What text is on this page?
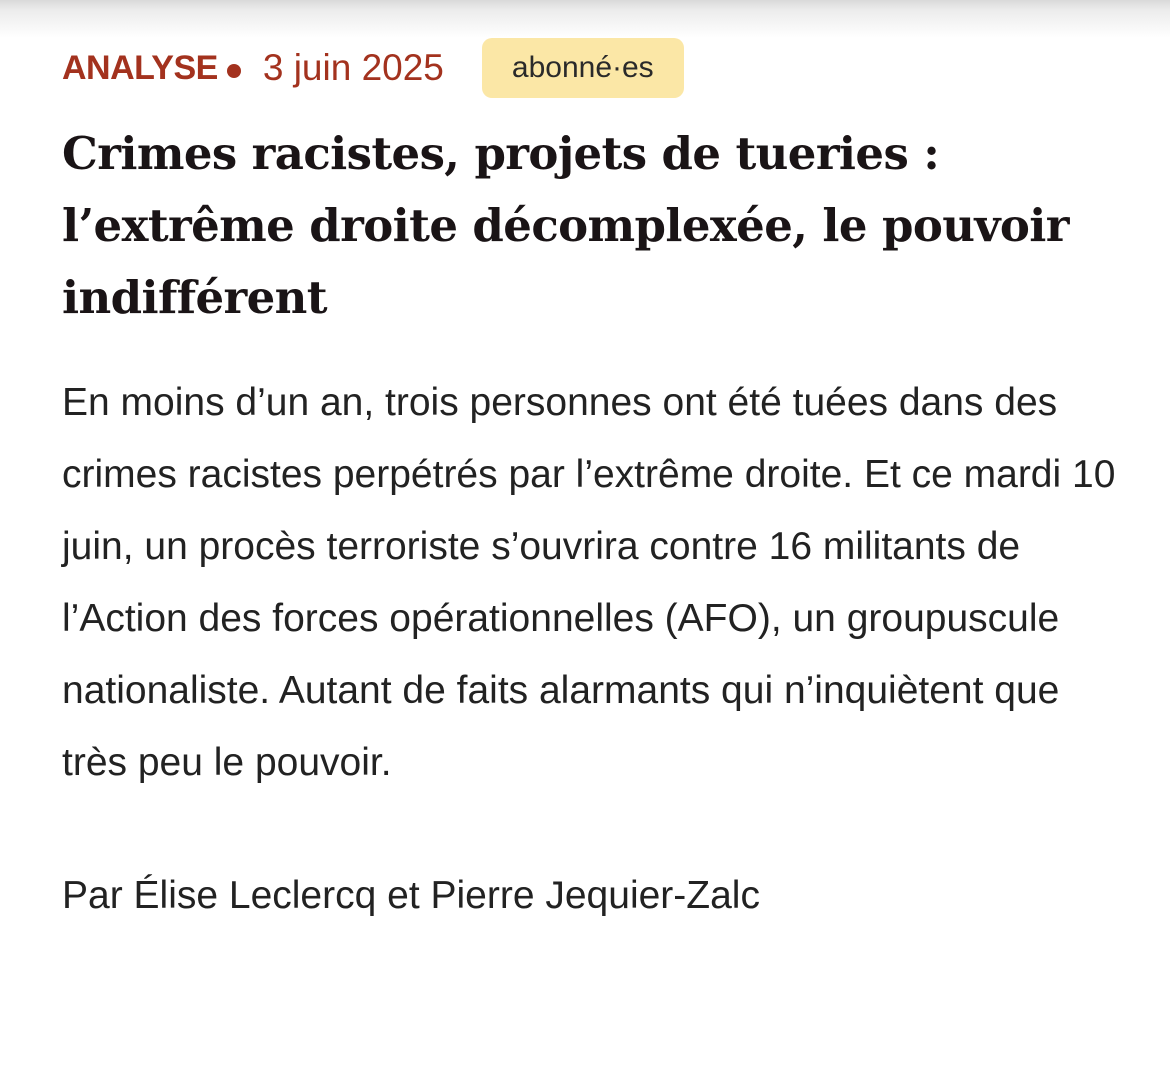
ANALYSE 3 juin 2025 abonné·es
Crimes racistes, projets de tueries : l’extrême droite décomplexée, le pouvoir indifférent

En moins d’un an, trois personnes ont été tuées dans des crimes racistes perpétrés par l’extrême droite. Et ce mardi 10 juin, un procès terroriste s’ouvrira contre 16 militants de l’Action des forces opérationnelles (AFO), un groupuscule nationaliste. Autant de faits alarmants qui n’inquiètent que très peu le pouvoir.

Par Élise Leclercq et Pierre Jequier-Zalc
